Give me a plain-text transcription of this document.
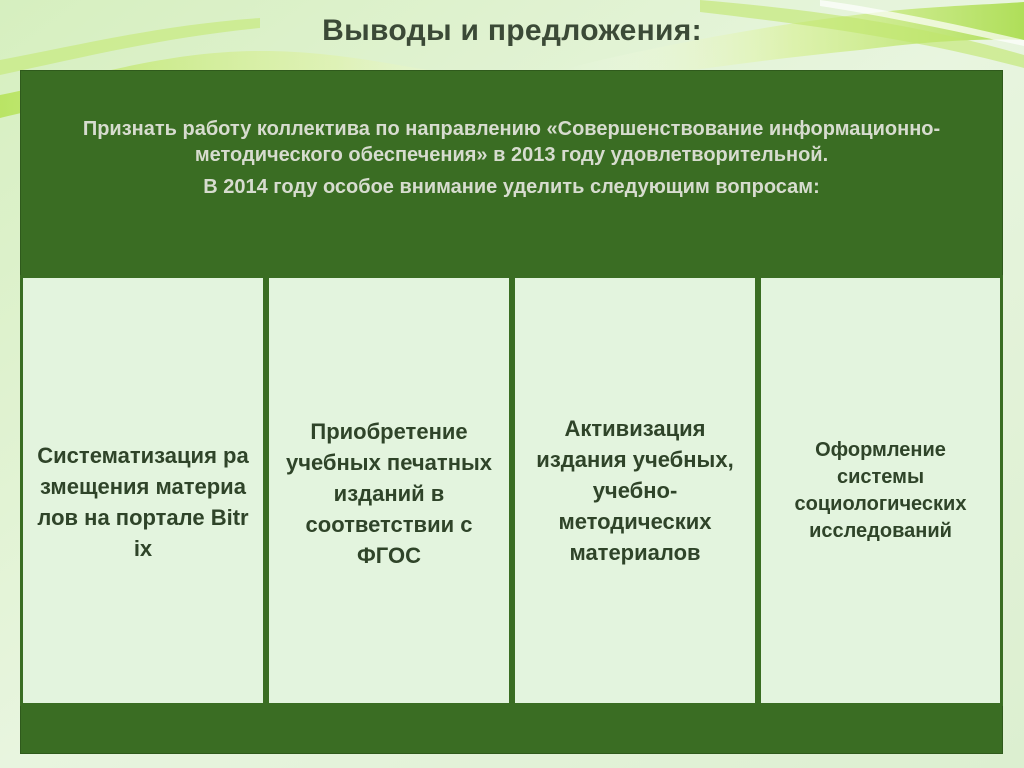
Выводы и предложения:

Признать работу коллектива по направлению «Совершенствование информационно-методического обеспечения» в 2013 году удовлетворительной.

В 2014 году особое внимание уделить следующим вопросам:

Систематизация размещения материалов на портале Bitrix
Приобретение учебных печатных изданий в соответствии с ФГОС
Активизация издания учебных, учебно-методических материалов
Оформление системы социологических исследований
